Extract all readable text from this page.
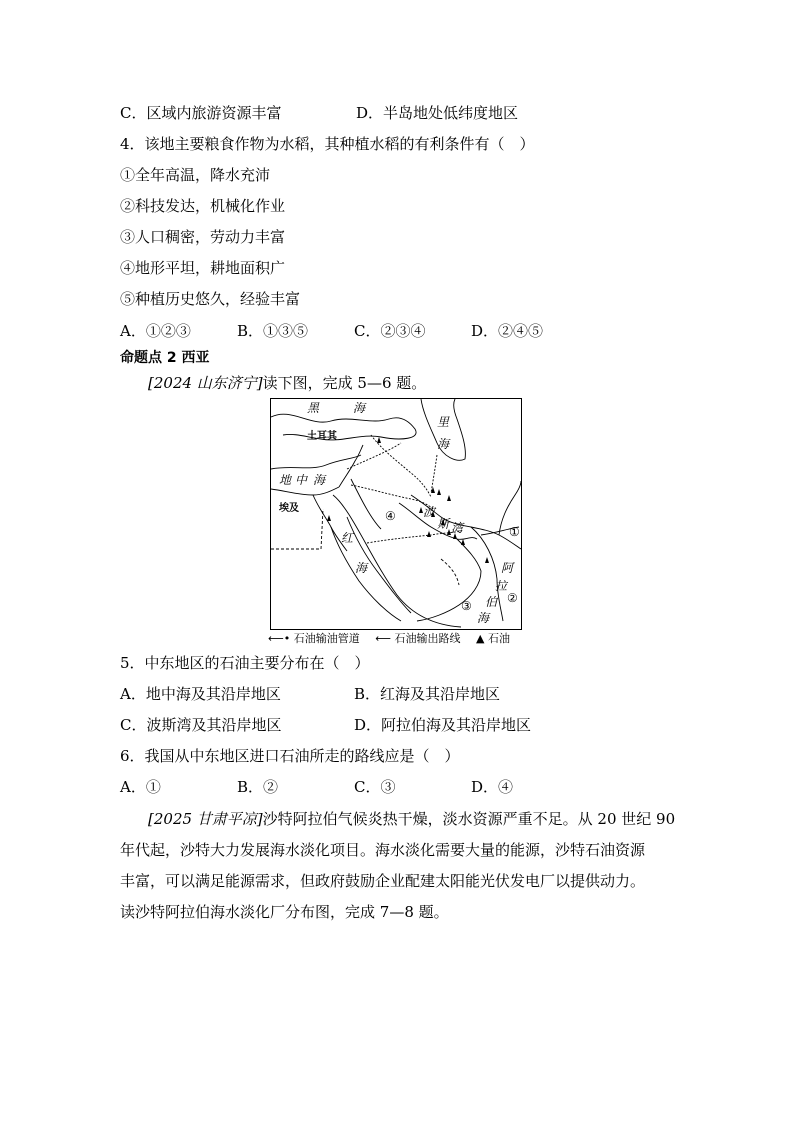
C．区域内旅游资源丰富	D．半岛地处低纬度地区
4．该地主要粮食作物为水稻，其种植水稻的有利条件有（　）
①全年高温，降水充沛
②科技发达，机械化作业
③人口稠密，劳动力丰富
④地形平坦，耕地面积广
⑤种植历史悠久，经验丰富
A．①②③	B．①③⑤	C．②③④	D．②④⑤
命题点 2 西亚
[2024 山东济宁]读下图，完成 5—6 题。
黑	海
里
海
土耳其
地 中 海
埃及
红
海
波
斯 湾
阿
拉
伯
海
①
②
③
④
⟵• 石油输油管道 ⟵ 石油输出路线 ▲ 石油
5．中东地区的石油主要分布在（　）
A．地中海及其沿岸地区	B．红海及其沿岸地区
C．波斯湾及其沿岸地区	D．阿拉伯海及其沿岸地区
6．我国从中东地区进口石油所走的路线应是（　）
A．①	B．②	C．③	D．④
[2025 甘肃平凉]沙特阿拉伯气候炎热干燥，淡水资源严重不足。从 20 世纪 90
年代起，沙特大力发展海水淡化项目。海水淡化需要大量的能源，沙特石油资源
丰富，可以满足能源需求，但政府鼓励企业配建太阳能光伏发电厂以提供动力。
读沙特阿拉伯海水淡化厂分布图，完成 7—8 题。
